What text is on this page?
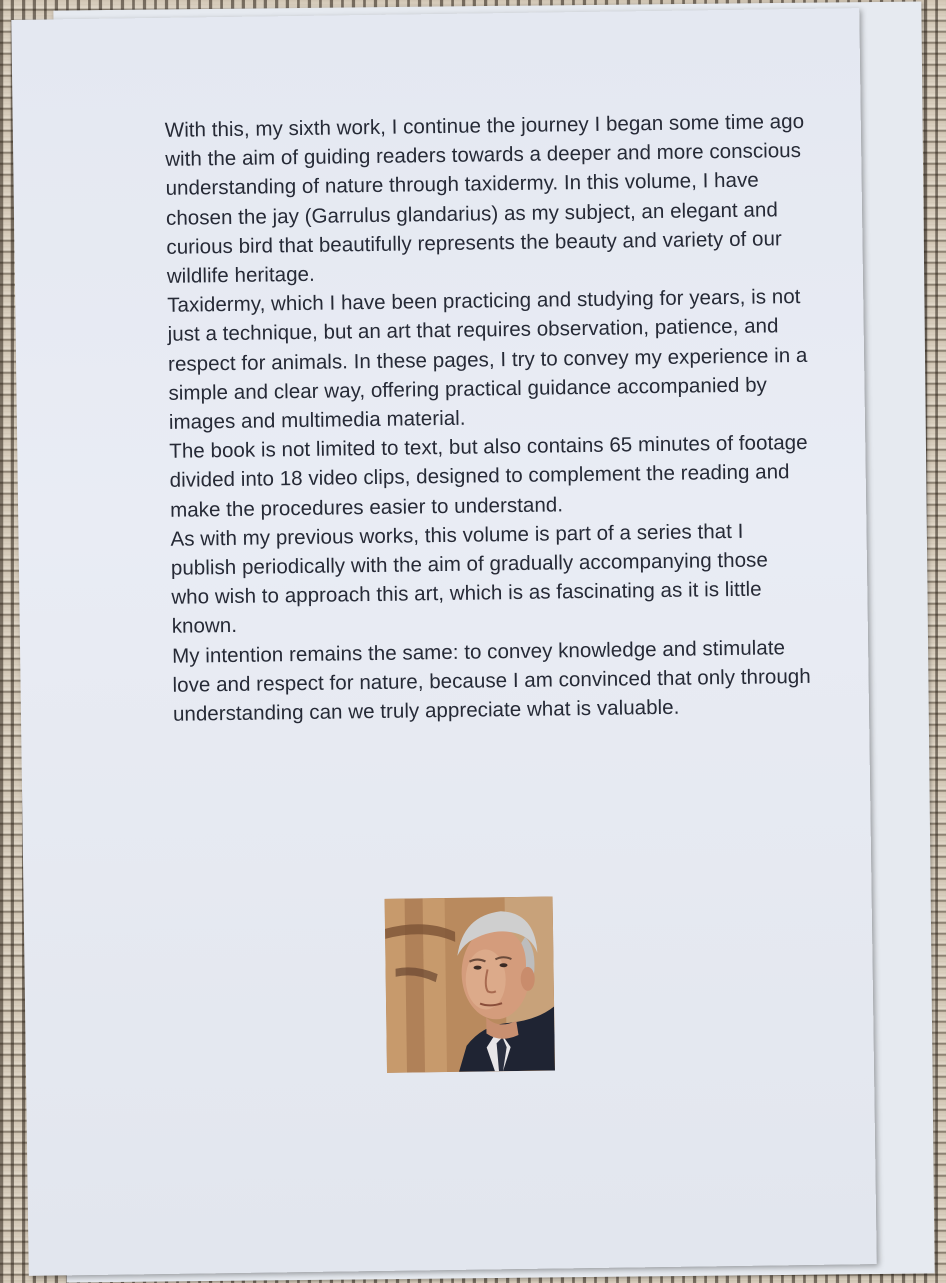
With this, my sixth work, I continue the journey I began some time ago with the aim of guiding readers towards a deeper and more conscious understanding of nature through taxidermy. In this volume, I have chosen the jay (Garrulus glandarius) as my subject, an elegant and curious bird that beautifully represents the beauty and variety of our wildlife heritage.

Taxidermy, which I have been practicing and studying for years, is not just a technique, but an art that requires observation, patience, and respect for animals. In these pages, I try to convey my experience in a simple and clear way, offering practical guidance accompanied by images and multimedia material.

The book is not limited to text, but also contains 65 minutes of footage divided into 18 video clips, designed to complement the reading and make the procedures easier to understand.

As with my previous works, this volume is part of a series that I publish periodically with the aim of gradually accompanying those who wish to approach this art, which is as fascinating as it is little known.

My intention remains the same: to convey knowledge and stimulate love and respect for nature, because I am convinced that only through understanding can we truly appreciate what is valuable.
